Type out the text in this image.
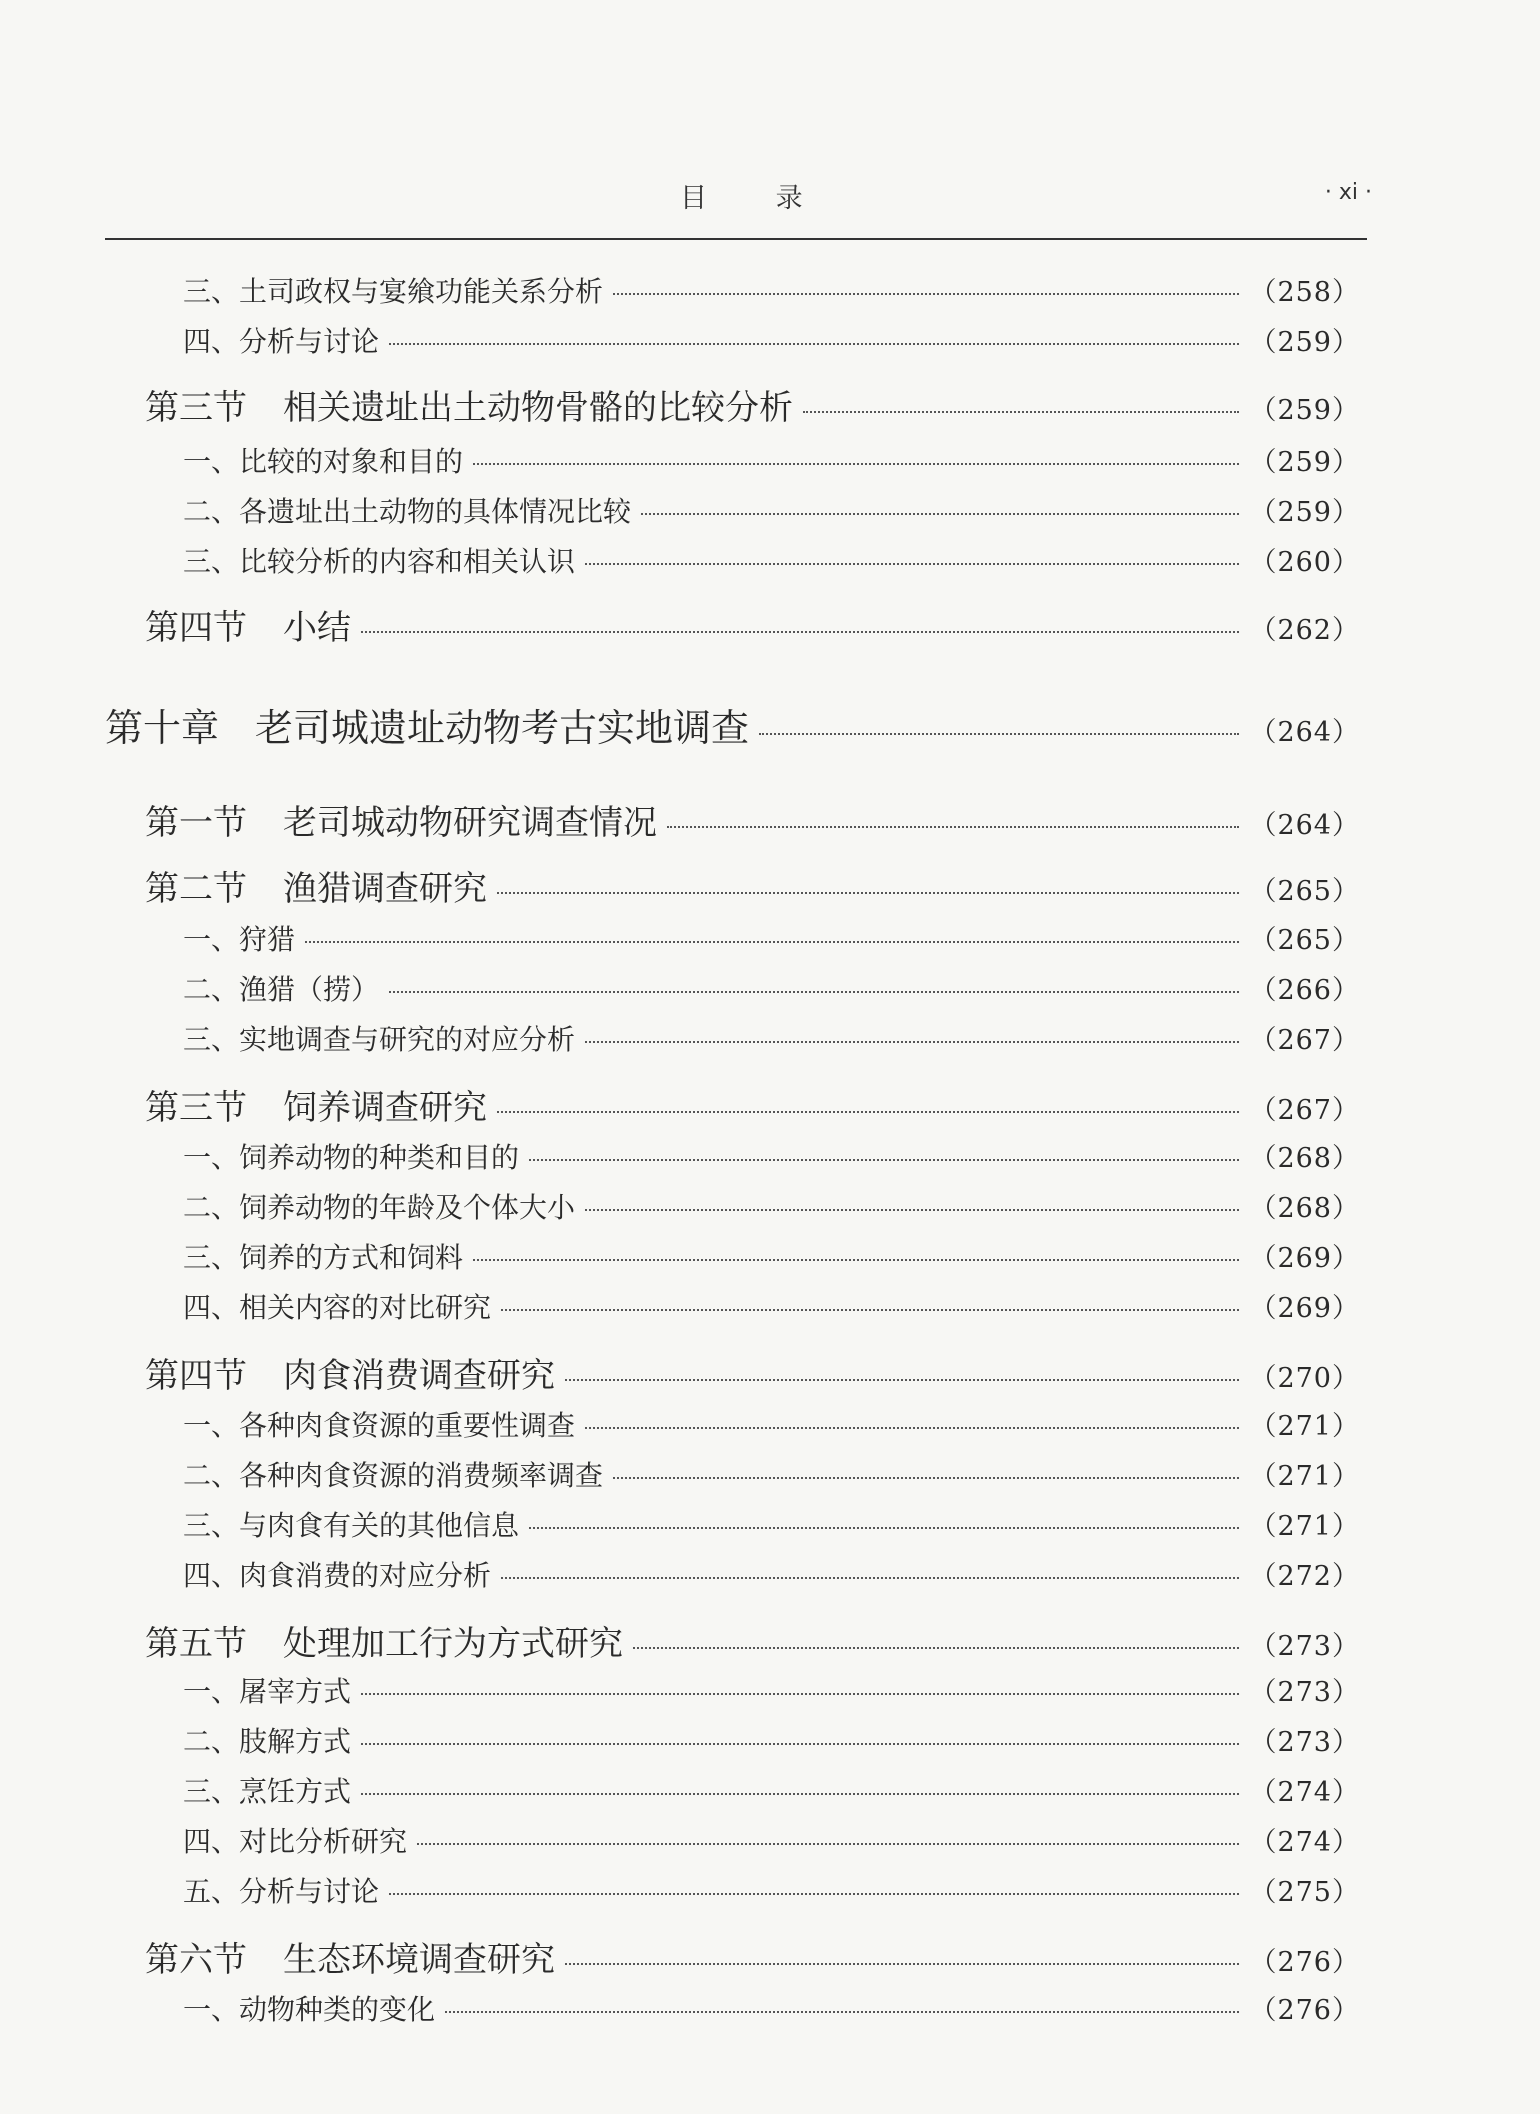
目 录	· xi ·
三、土司政权与宴飨功能关系分析	（258）
四、分析与讨论	（259）
第三节 相关遗址出土动物骨骼的比较分析	（259）
一、比较的对象和目的	（259）
二、各遗址出土动物的具体情况比较	（259）
三、比较分析的内容和相关认识	（260）
第四节 小结	（262）
第十章 老司城遗址动物考古实地调查	（264）
第一节 老司城动物研究调查情况	（264）
第二节 渔猎调查研究	（265）
一、狩猎	（265）
二、渔猎（捞）	（266）
三、实地调查与研究的对应分析	（267）
第三节 饲养调查研究	（267）
一、饲养动物的种类和目的	（268）
二、饲养动物的年龄及个体大小	（268）
三、饲养的方式和饲料	（269）
四、相关内容的对比研究	（269）
第四节 肉食消费调查研究	（270）
一、各种肉食资源的重要性调查	（271）
二、各种肉食资源的消费频率调查	（271）
三、与肉食有关的其他信息	（271）
四、肉食消费的对应分析	（272）
第五节 处理加工行为方式研究	（273）
一、屠宰方式	（273）
二、肢解方式	（273）
三、烹饪方式	（274）
四、对比分析研究	（274）
五、分析与讨论	（275）
第六节 生态环境调查研究	（276）
一、动物种类的变化	（276）
